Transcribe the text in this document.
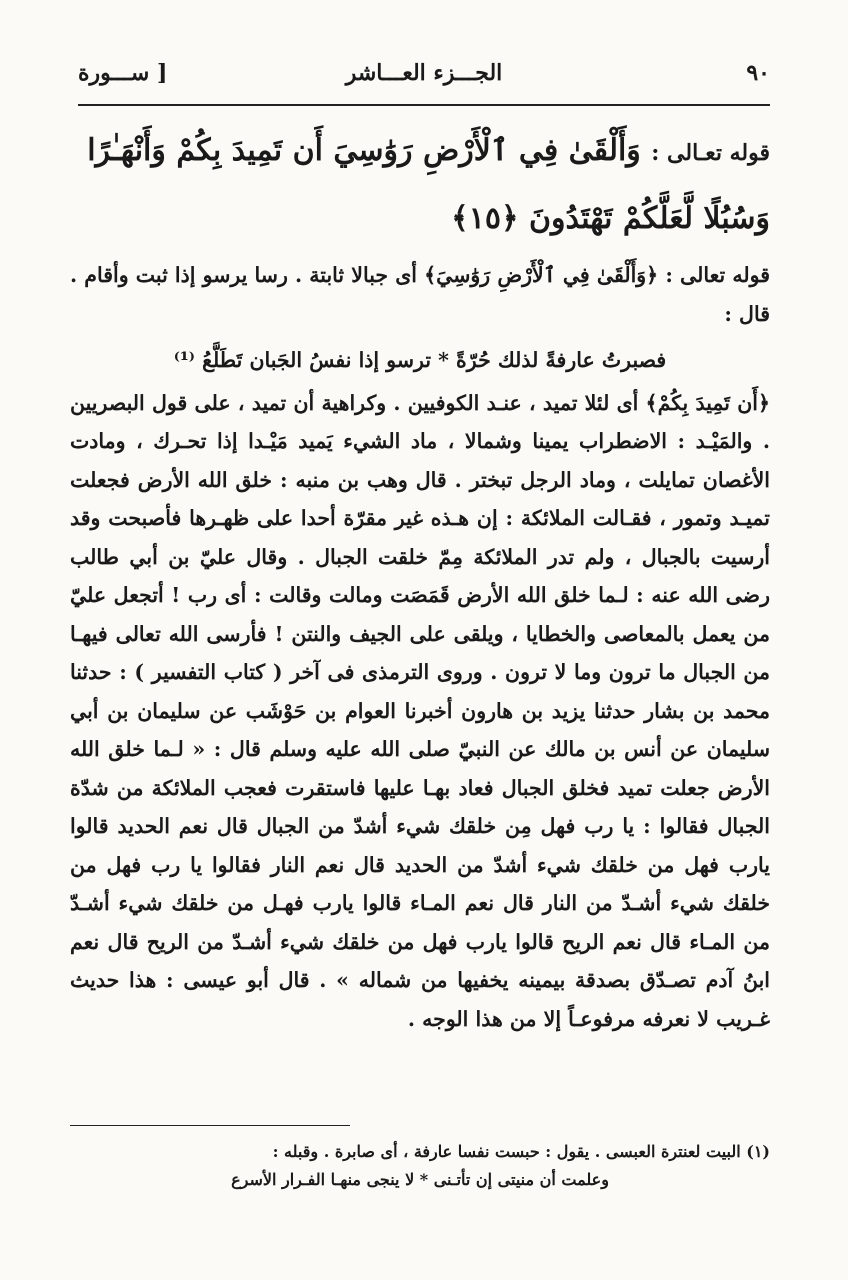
٩٠
الجـــزء العـــاشر
[ ســـورة
قوله تعـالى : وَأَلْقَىٰ فِي ٱلْأَرْضِ رَوَٰسِيَ أَن تَمِيدَ بِكُمْ وَأَنْهَـٰرًا وَسُبُلًا لَّعَلَّكُمْ تَهْتَدُونَ ﴿١٥﴾

قوله تعالى : ﴿وَأَلْقَىٰ فِي ٱلْأَرْضِ رَوَٰسِيَ﴾ أى جبالا ثابتة . رسا يرسو إذا ثبت وأقام . قال :

فصبرتُ عارفةً لذلك حُرّةً * ترسو إذا نفسُ الجَبان تَطَلَّعُ ⁽¹⁾

﴿أَن تَمِيدَ بِكُمْ﴾ أى لئلا تميد ، عنـد الكوفيين . وكراهية أن تميد ، على قول البصريين . والمَيْـد : الاضطراب يمينا وشمالا ، ماد الشيء يَميد مَيْـدا إذا تحـرك ، ومادت الأغصان تمايلت ، وماد الرجل تبختر . قال وهب بن منبه : خلق الله الأرض فجعلت تميـد وتمور ، فقـالت الملائكة : إن هـذه غير مقرّة أحدا على ظهـرها فأصبحت وقد أرسيت بالجبال ، ولم تدر الملائكة مِمّ خلقت الجبال . وقال عليّ بن أبي طالب رضى الله عنه : لـما خلق الله الأرض قَمَصَت ومالت وقالت : أى رب ! أتجعل عليّ من يعمل بالمعاصى والخطايا ، ويلقى على الجيف والنتن ! فأرسى الله تعالى فيهـا من الجبال ما ترون وما لا ترون . وروى الترمذى فى آخر ( كتاب التفسير ) : حدثنا محمد بن بشار حدثنا يزيد بن هارون أخبرنا العوام بن حَوْشَب عن سليمان بن أبي سليمان عن أنس بن مالك عن النبيّ صلى الله عليه وسلم قال : « لـما خلق الله الأرض جعلت تميد فخلق الجبال فعاد بهـا عليها فاستقرت فعجب الملائكة من شدّة الجبال فقالوا : يا رب فهل مِن خلقك شيء أشدّ من الجبال قال نعم الحديد قالوا يارب فهل من خلقك شيء أشدّ من الحديد قال نعم النار فقالوا يا رب فهل من خلقك شيء أشـدّ من النار قال نعم المـاء قالوا يارب فهـل من خلقك شيء أشـدّ من المـاء قال نعم الريح قالوا يارب فهل من خلقك شيء أشـدّ من الريح قال نعم ابنُ آدم تصـدّق بصدقة بيمينه يخفيها من شماله » . قال أبو عيسى : هذا حديث غـريب لا نعرفه مرفوعـاً إلا من هذا الوجه .

(١) البيت لعنترة العبسى . يقول : حبست نفسا عارفة ، أى صابرة . وقبله :
وعلمت أن منيتى إن تأتـنى * لا ينجى منهـا الفـرار الأسرع
